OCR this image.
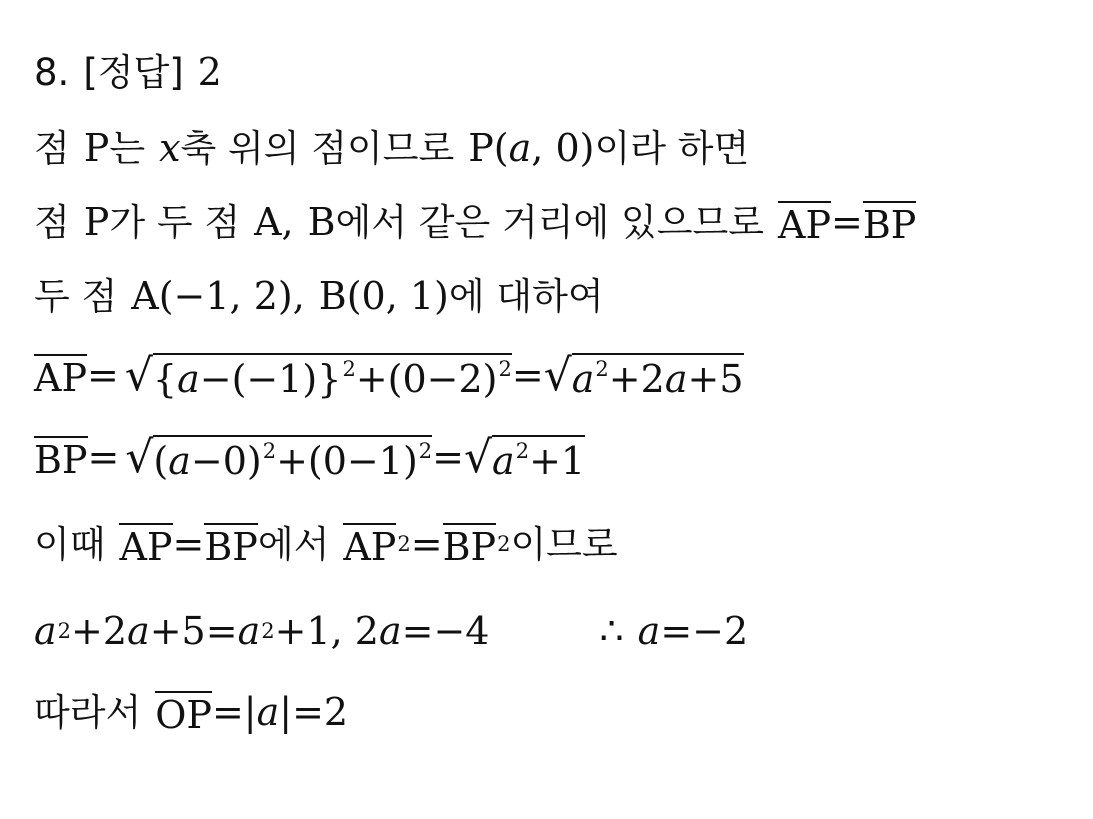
8. [정답] 2
점 P 는 x 축 위의 점이므로 P( a , 0) 이라 하면
점 P 가 두 점 A, B 에서 같은 거리에 있으므로 AP = BP
두 점 A(−1, 2), B(0, 1) 에 대하여
AP = √ $\{a-(-1)\}^2+(0-2)^2$ = √ $a^2+2a+5$
BP = √ $(a-0)^2+(0-1)^2$ = √ $a^2+1$
이때 AP = BP 에서 AP 2 = BP 2 이므로
a 2 +2 a +5= a 2 +1, 2 a =−4	∴ a =−2
따라서 OP =| a |=2
